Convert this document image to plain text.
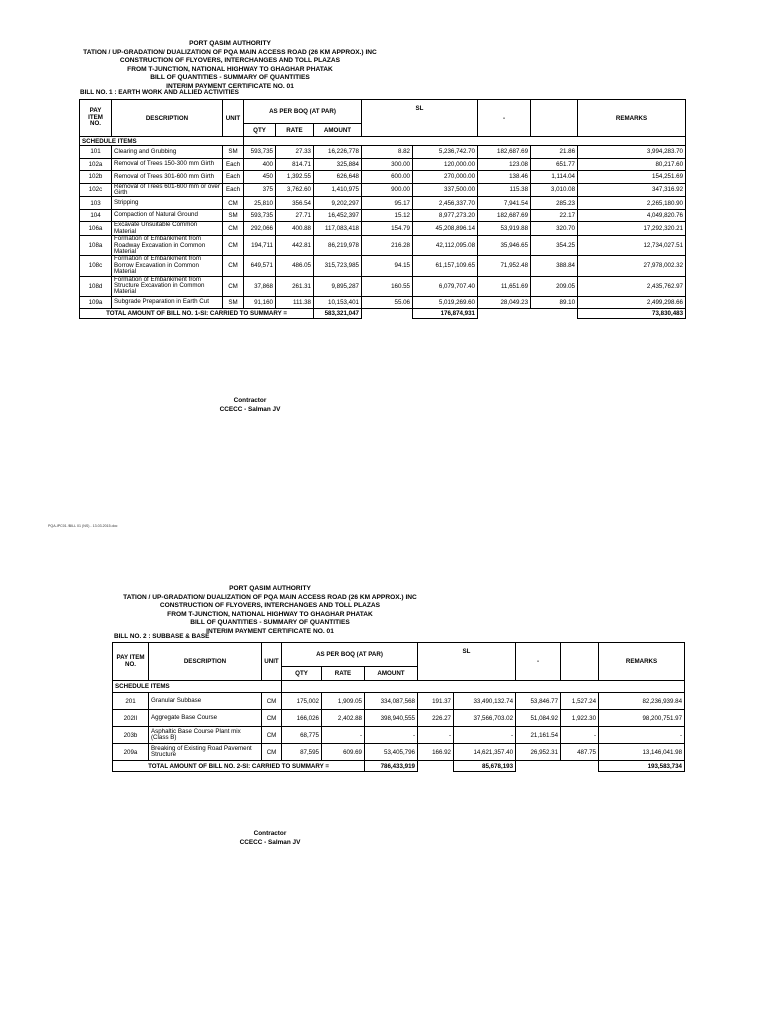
PORT QASIM AUTHORITY
TATION / UP-GRADATION/ DUALIZATION OF PQA MAIN ACCESS ROAD (26 KM APPROX.) INC
CONSTRUCTION OF FLYOVERS, INTERCHANGES AND TOLL PLAZAS
FROM T-JUNCTION, NATIONAL HIGHWAY TO GHAGHAR PHATAK
BILL OF QUANTITIES - SUMMARY OF QUANTITIES
INTERIM PAYMENT CERTIFICATE NO. 01
BILL NO. 1 : EARTH WORK AND ALLIED ACTIVITIES
PAY ITEM NO.	DESCRIPTION	UNIT	AS PER BOQ (AT PAR)			SL		-		REMARKS
			QTY	RATE	AMOUNT					
SCHEDULE ITEMS										
101	Clearing and Grubbing	SM	593,735	27.33	16,226,778	8.82	5,236,742.70	182,687.69	21.86	3,994,283.70
102a	Removal of Trees 150-300 mm Girth	Each	400	814.71	325,884	300.00	120,000.00	123.08	651.77	80,217.60
102b	Removal of Trees 301-600 mm Girth	Each	450	1,392.55	626,648	600.00	270,000.00	138.46	1,114.04	154,251.69
102c	Removal of Trees 601-600 mm or over Girth	Each	375	3,762.60	1,410,975	900.00	337,500.00	115.38	3,010.08	347,316.92
103	Stripping	CM	25,810	356.54	9,202,297	95.17	2,456,337.70	7,941.54	285.23	2,265,180.90
104	Compaction of Natural Ground	SM	593,735	27.71	16,452,397	15.12	8,977,273.20	182,687.69	22.17	4,049,820.76
106a	Excavate Unsuitable Common Material	CM	292,066	400.88	117,083,418	154.79	45,208,896.14	53,919.88	320.70	17,292,320.21
108a	Formation of Embankment from Roadway Excavation in Common Material	CM	194,711	442.81	86,219,978	216.28	42,112,095.08	35,946.65	354.25	12,734,027.51
108c	Formation of Embankment from Borrow Excavation in Common Material	CM	649,571	486.05	315,723,985	94.15	61,157,109.65	71,952.48	388.84	27,978,002.32
108d	Formation of Embankment from Structure Excavation in Common Material	CM	37,868	261.31	9,895,287	160.55	6,079,707.40	11,651.69	209.05	2,435,762.97
109a	Subgrade Preparation in Earth Cut	SM	91,160	111.38	10,153,401	55.06	5,019,269.60	28,049.23	89.10	2,499,298.66
TOTAL AMOUNT OF BILL NO. 1-SI: CARRIED TO SUMMARY =					583,321,047		176,874,931			73,830,483
Contractor
CCECC - Salman JV
PQA-IPC01 /BILL 01 (NS) - 13.03.2015.doc
PORT QASIM AUTHORITY
TATION / UP-GRADATION/ DUALIZATION OF PQA MAIN ACCESS ROAD (26 KM APPROX.) INC
CONSTRUCTION OF FLYOVERS, INTERCHANGES AND TOLL PLAZAS
FROM T-JUNCTION, NATIONAL HIGHWAY TO GHAGHAR PHATAK
BILL OF QUANTITIES - SUMMARY OF QUANTITIES
INTERIM PAYMENT CERTIFICATE NO. 01
BILL NO. 2 : SUBBASE & BASE
PAY ITEM NO.	DESCRIPTION	UNIT	AS PER BOQ (AT PAR)			SL		-		REMARKS
			QTY	RATE	AMOUNT					
SCHEDULE ITEMS										
201	Granular Subbase	CM	175,002	1,909.05	334,087,568	191.37	33,490,132.74	53,846.77	1,527.24	82,236,939.84
202II	Aggregate Base Course	CM	166,026	2,402.88	398,940,555	226.27	37,566,703.02	51,084.92	1,922.30	98,200,751.97
203b	Asphaltic Base Course Plant mix (Class B)	CM	68,775	-	-	-	-	21,161.54	-	-
209a	Breaking of Existing Road Pavement Structure	CM	87,595	609.69	53,405,796	166.92	14,621,357.40	26,952.31	487.75	13,146,041.98
TOTAL AMOUNT OF BILL NO. 2-SI: CARRIED TO SUMMARY =					786,433,919		85,678,193			193,583,734
Contractor
CCECC - Salman JV
